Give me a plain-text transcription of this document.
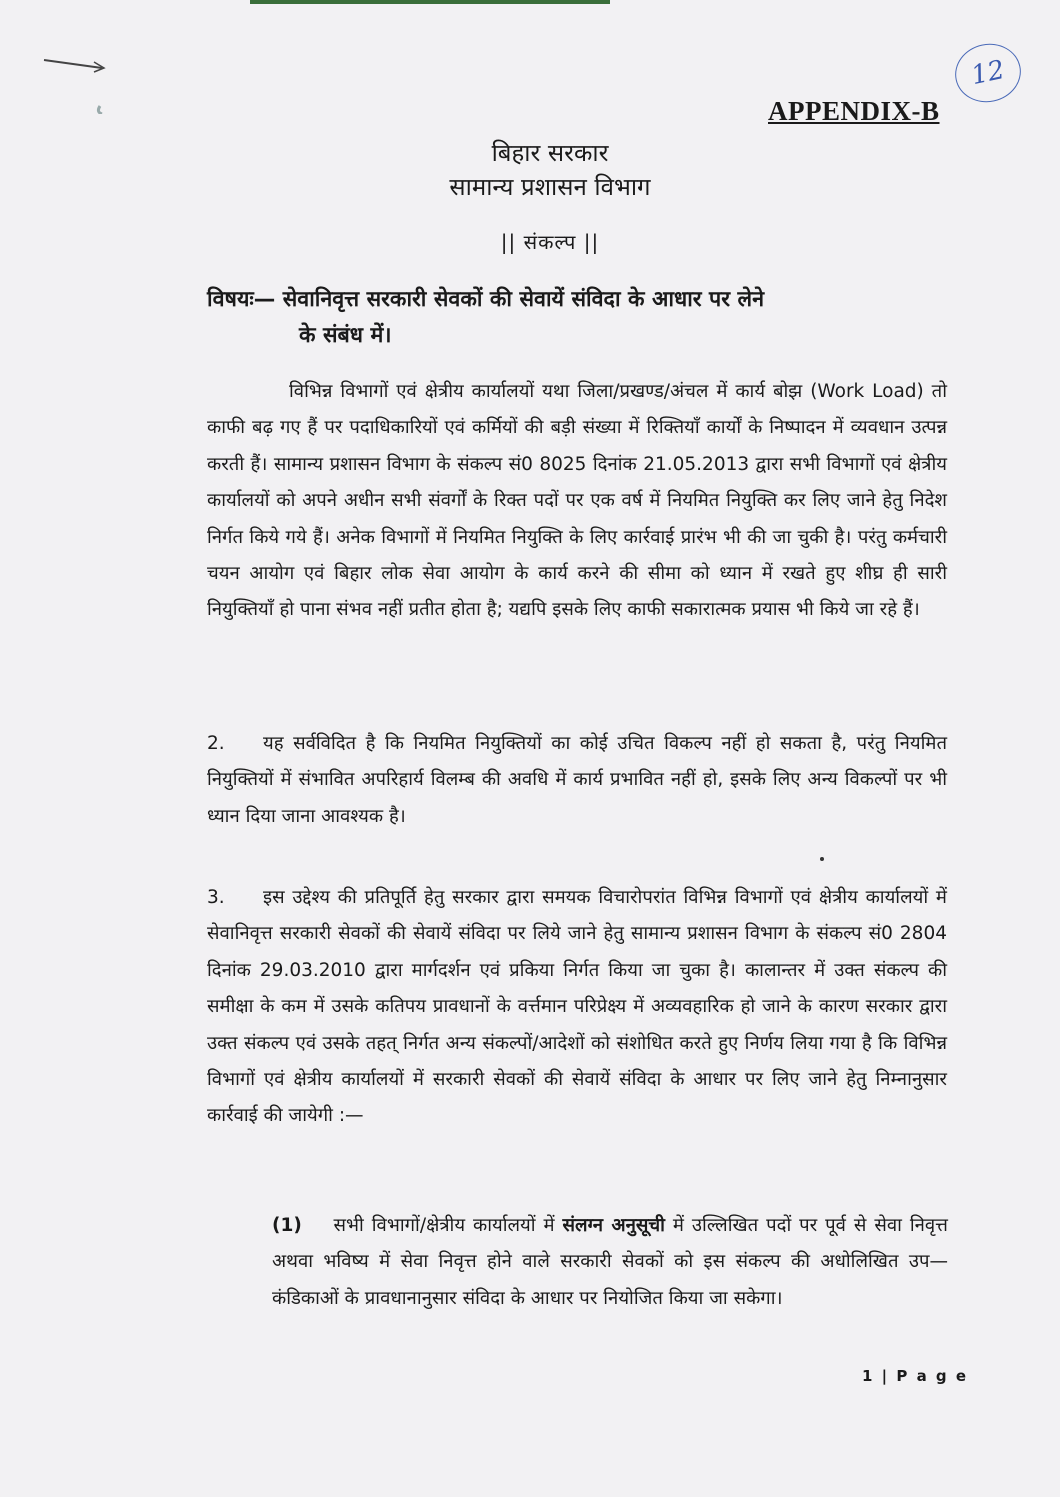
12
APPENDIX-B
बिहार सरकार
सामान्य प्रशासन विभाग
|| संकल्प ||
विषयः— सेवानिवृत्त सरकारी सेवकों की सेवायें संविदा के आधार पर लेने
के संबंध में।
विभिन्न विभागों एवं क्षेत्रीय कार्यालयों यथा जिला/प्रखण्ड/अंचल में कार्य बोझ (Work Load) तो काफी बढ़ गए हैं पर पदाधिकारियों एवं कर्मियों की बड़ी संख्या में रिक्तियाँ कार्यों के निष्पादन में व्यवधान उत्पन्न करती हैं। सामान्य प्रशासन विभाग के संकल्प सं0 8025 दिनांक 21.05.2013 द्वारा सभी विभागों एवं क्षेत्रीय कार्यालयों को अपने अधीन सभी संवर्गों के रिक्त पदों पर एक वर्ष में नियमित नियुक्ति कर लिए जाने हेतु निदेश निर्गत किये गये हैं। अनेक विभागों में नियमित नियुक्ति के लिए कार्रवाई प्रारंभ भी की जा चुकी है। परंतु कर्मचारी चयन आयोग एवं बिहार लोक सेवा आयोग के कार्य करने की सीमा को ध्यान में रखते हुए शीघ्र ही सारी नियुक्तियाँ हो पाना संभव नहीं प्रतीत होता है; यद्यपि इसके लिए काफी सकारात्मक प्रयास भी किये जा रहे हैं।
2. यह सर्वविदित है कि नियमित नियुक्तियों का कोई उचित विकल्प नहीं हो सकता है, परंतु नियमित नियुक्तियों में संभावित अपरिहार्य विलम्ब की अवधि में कार्य प्रभावित नहीं हो, इसके लिए अन्य विकल्पों पर भी ध्यान दिया जाना आवश्यक है।
3. इस उद्देश्य की प्रतिपूर्ति हेतु सरकार द्वारा समयक विचारोपरांत विभिन्न विभागों एवं क्षेत्रीय कार्यालयों में सेवानिवृत्त सरकारी सेवकों की सेवायें संविदा पर लिये जाने हेतु सामान्य प्रशासन विभाग के संकल्प सं0 2804 दिनांक 29.03.2010 द्वारा मार्गदर्शन एवं प्रकिया निर्गत किया जा चुका है। कालान्तर में उक्त संकल्प की समीक्षा के कम में उसके कतिपय प्रावधानों के वर्त्तमान परिप्रेक्ष्य में अव्यवहारिक हो जाने के कारण सरकार द्वारा उक्त संकल्प एवं उसके तहत् निर्गत अन्य संकल्पों/आदेशों को संशोधित करते हुए निर्णय लिया गया है कि विभिन्न विभागों एवं क्षेत्रीय कार्यालयों में सरकारी सेवकों की सेवायें संविदा के आधार पर लिए जाने हेतु निम्नानुसार कार्रवाई की जायेगी :—
(1) सभी विभागों/क्षेत्रीय कार्यालयों में संलग्न अनुसूची में उल्लिखित पदों पर पूर्व से सेवा निवृत्त अथवा भविष्य में सेवा निवृत्त होने वाले सरकारी सेवकों को इस संकल्प की अधोलिखित उप—कंडिकाओं के प्रावधानानुसार संविदा के आधार पर नियोजित किया जा सकेगा।
1 | P a g e
